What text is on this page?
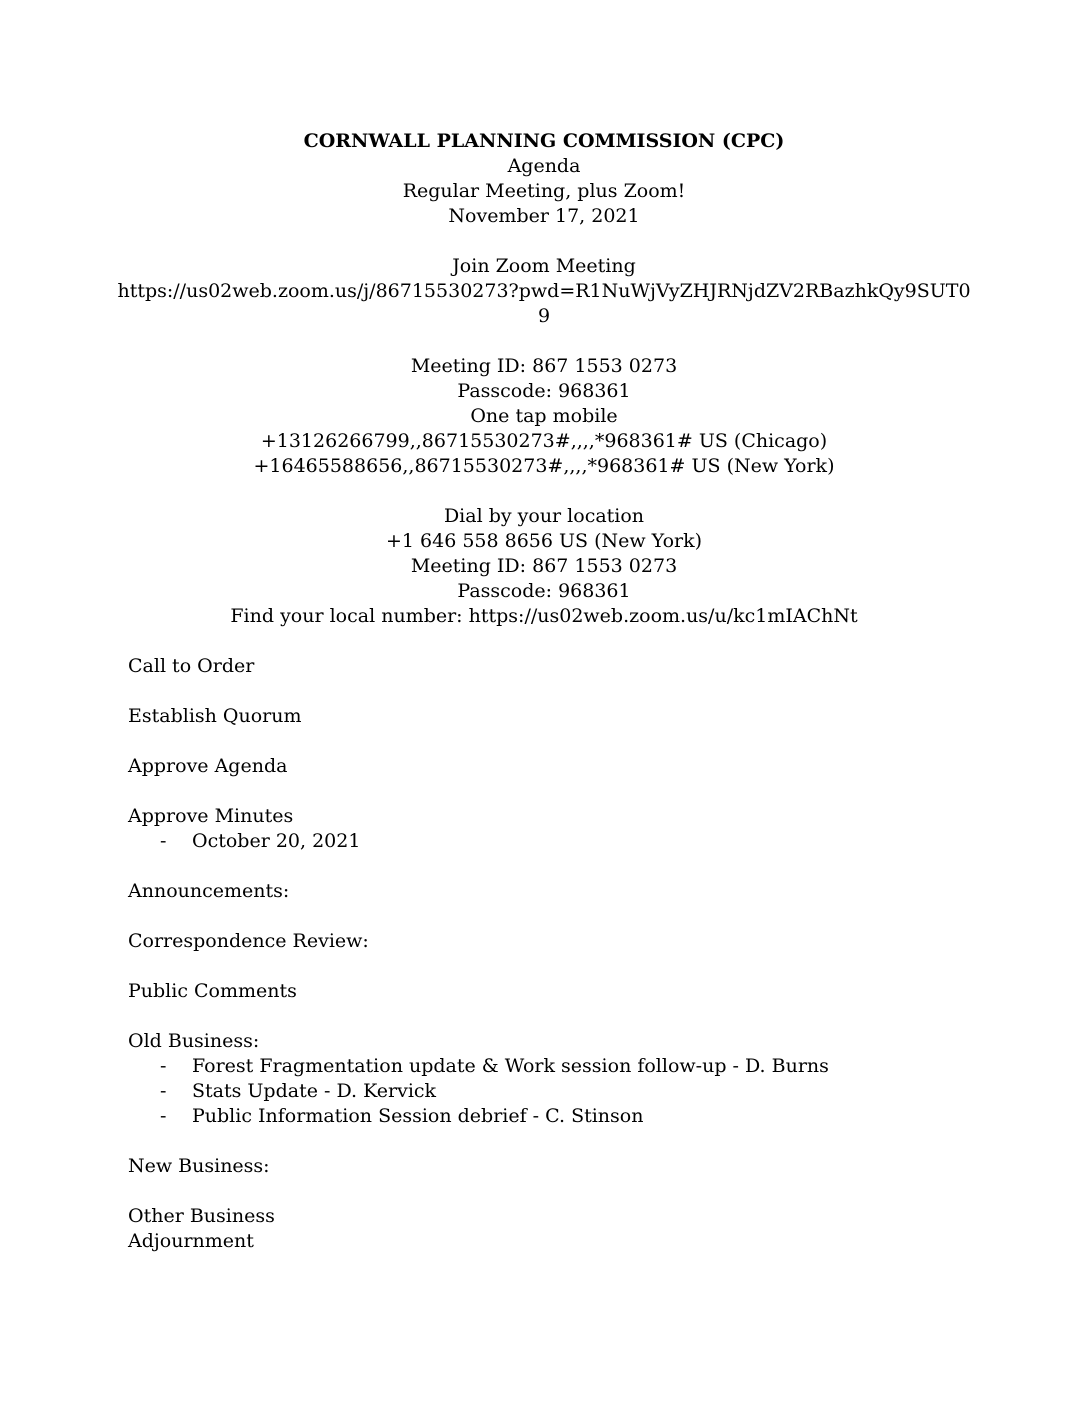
CORNWALL PLANNING COMMISSION (CPC)
Agenda
Regular Meeting, plus Zoom!
November 17, 2021
Join Zoom Meeting
https://us02web.zoom.us/j/86715530273?pwd=R1NuWjVyZHJRNjdZV2RBazhkQy9SUT0
9
Meeting ID: 867 1553 0273
Passcode: 968361
One tap mobile
+13126266799,,86715530273#,,,,*968361# US (Chicago)
+16465588656,,86715530273#,,,,*968361# US (New York)
Dial by your location
+1 646 558 8656 US (New York)
Meeting ID: 867 1553 0273
Passcode: 968361
Find your local number: https://us02web.zoom.us/u/kc1mIAChNt
Call to Order
Establish Quorum
Approve Agenda
Approve Minutes
- October 20, 2021
Announcements:
Correspondence Review:
Public Comments
Old Business:
- Forest Fragmentation update & Work session follow-up - D. Burns
- Stats Update - D. Kervick
- Public Information Session debrief - C. Stinson
New Business:
Other Business
Adjournment
